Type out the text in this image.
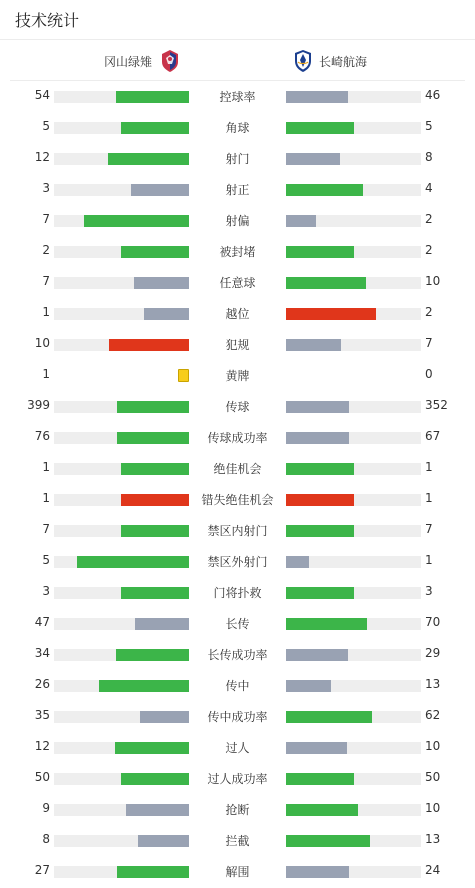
技术统计
冈山绿雉	长崎航海
54	控球率	46
5	角球	5
12	射门	8
3	射正	4
7	射偏	2
2	被封堵	2
7	任意球	10
1	越位	2
10	犯规	7
1	黄牌	0
399	传球	352
76	传球成功率	67
1	绝佳机会	1
1	错失绝佳机会	1
7	禁区内射门	7
5	禁区外射门	1
3	门将扑救	3
47	长传	70
34	长传成功率	29
26	传中	13
35	传中成功率	62
12	过人	10
50	过人成功率	50
9	抢断	10
8	拦截	13
27	解围	24
